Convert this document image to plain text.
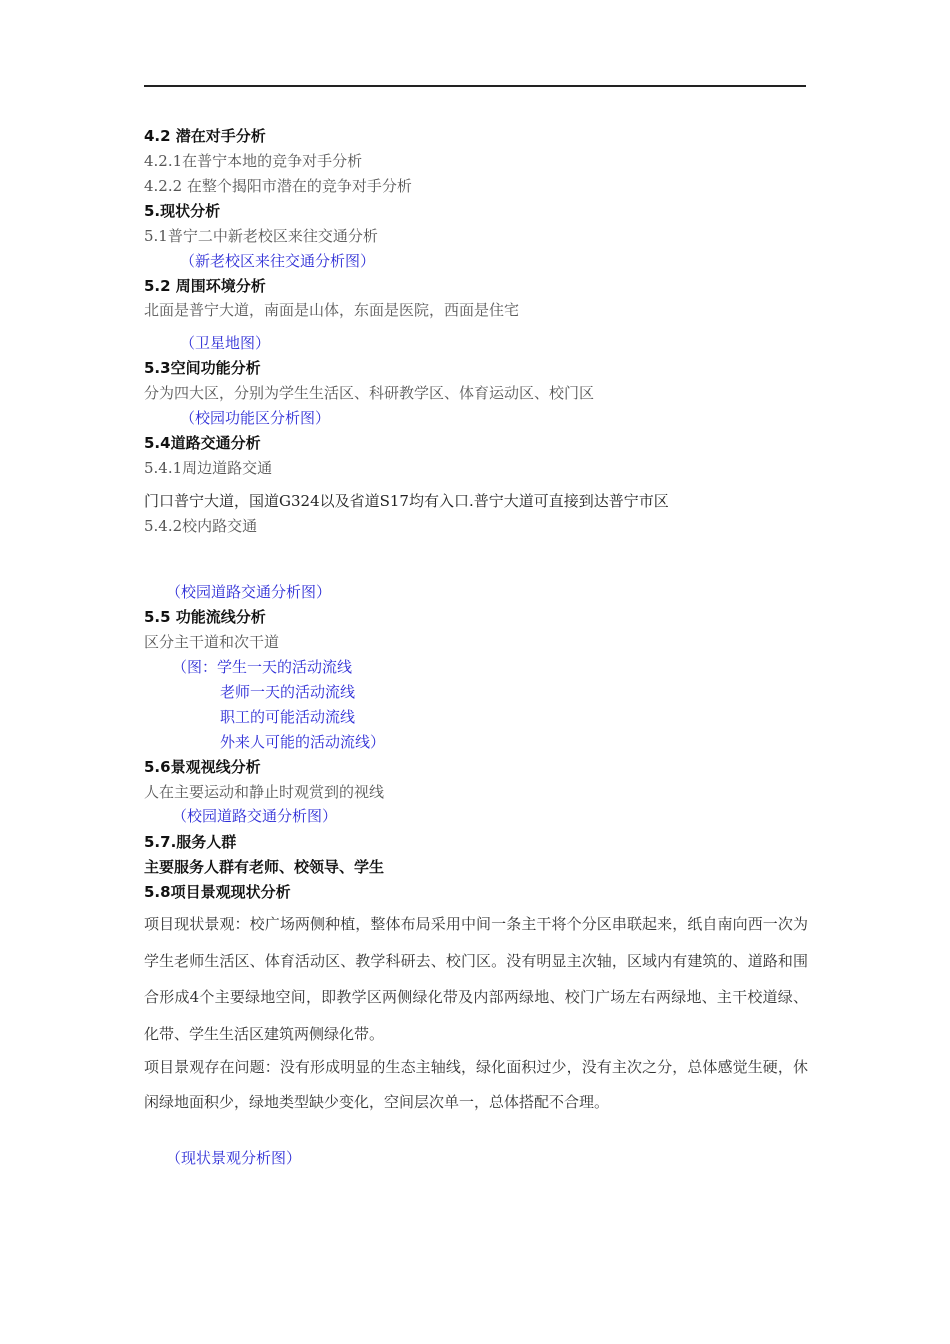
4.2 潜在对手分析
4.2.1在普宁本地的竞争对手分析
4.2.2 在整个揭阳市潜在的竞争对手分析
5.现状分析
5.1普宁二中新老校区来往交通分析
（新老校区来往交通分析图）
5.2 周围环境分析
北面是普宁大道，南面是山体，东面是医院，西面是住宅
（卫星地图）
5.3空间功能分析
分为四大区，分别为学生生活区、科研教学区、体育运动区、校门区
（校园功能区分析图）
5.4道路交通分析
5.4.1周边道路交通
门口普宁大道，国道G324以及省道S17均有入口.普宁大道可直接到达普宁市区
5.4.2校内路交通
（校园道路交通分析图）
5.5 功能流线分析
区分主干道和次干道
（图：学生一天的活动流线
老师一天的活动流线
职工的可能活动流线
外来人可能的活动流线）
5.6景观视线分析
人在主要运动和静止时观赏到的视线
（校园道路交通分析图）
5.7.服务人群
主要服务人群有老师、校领导、学生
5.8项目景观现状分析
项目现状景观：校广场两侧种植，整体布局采用中间一条主干将个分区串联起来，纸自南向西一次为学生老师生活区、体育活动区、教学科研去、校门区。没有明显主次轴，区域内有建筑的、道路和围合形成4个主要绿地空间，即教学区两侧绿化带及内部两绿地、校门广场左右两绿地、主干校道绿、化带、学生生活区建筑两侧绿化带。
项目景观存在问题：没有形成明显的生态主轴线，绿化面积过少，没有主次之分，总体感觉生硬，休闲绿地面积少，绿地类型缺少变化，空间层次单一，总体搭配不合理。
（现状景观分析图）
